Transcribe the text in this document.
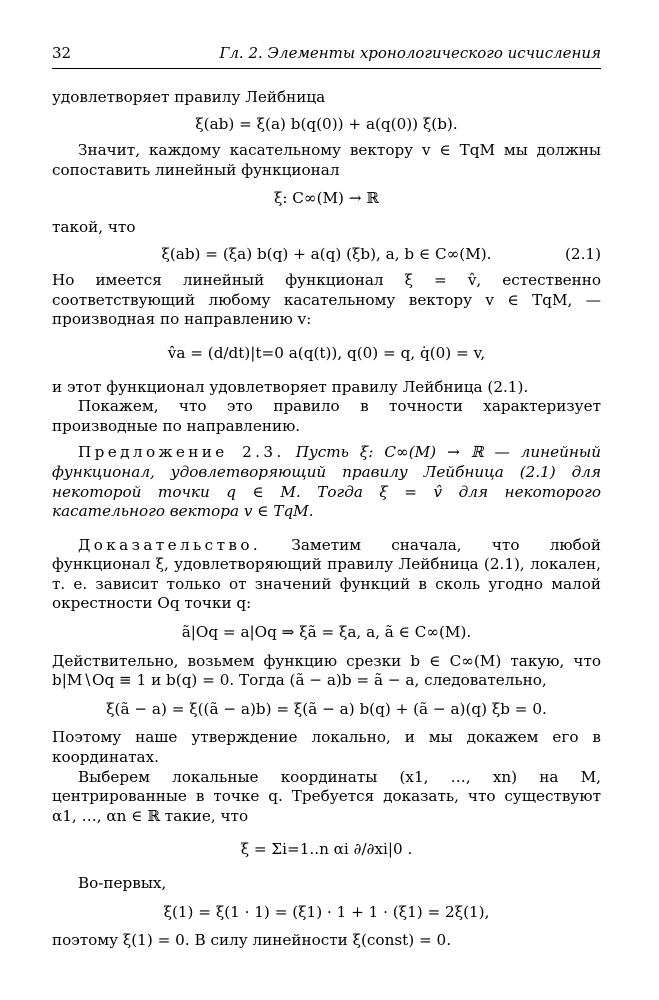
32	Гл. 2. Элементы хронологического исчисления

удовлетворяет правилу Лейбница

ξ(ab) = ξ(a) b(q(0)) + a(q(0)) ξ(b).

Значит, каждому касательному вектору v ∈ TqM мы должны сопоставить линейный функционал

ξ: C∞(M) → ℝ

такой, что

ξ(ab) = (ξa) b(q) + a(q) (ξb), a, b ∈ C∞(M).	(2.1)

Но имеется линейный функционал ξ = v̂, естественно соответствующий любому касательному вектору v ∈ TqM, — производная по направлению v:

v̂a = (d/dt)|t=0 a(q(t)), q(0) = q, q̇(0) = v,

и этот функционал удовлетворяет правилу Лейбница (2.1).

Покажем, что это правило в точности характеризует производные по направлению.

Предложение 2.3. Пусть ξ: C∞(M) → ℝ — линейный функционал, удовлетворяющий правилу Лейбница (2.1) для некоторой точки q ∈ M. Тогда ξ = v̂ для некоторого касательного вектора v ∈ TqM.

Доказательство. Заметим сначала, что любой функционал ξ, удовлетворяющий правилу Лейбница (2.1), локален, т. е. зависит только от значений функций в сколь угодно малой окрестности Oq точки q:

ã|Oq = a|Oq ⇒ ξã = ξa, a, ã ∈ C∞(M).

Действительно, возьмем функцию срезки b ∈ C∞(M) такую, что b|M∖Oq ≡ 1 и b(q) = 0. Тогда (ã − a)b = ã − a, следовательно,

ξ(ã − a) = ξ((ã − a)b) = ξ(ã − a) b(q) + (ã − a)(q) ξb = 0.

Поэтому наше утверждение локально, и мы докажем его в координатах.

Выберем локальные координаты (x1, …, xn) на M, центрированные в точке q. Требуется доказать, что существуют α1, …, αn ∈ ℝ такие, что

ξ = Σi=1..n αi ∂/∂xi|0 .

Во-первых,

ξ(1) = ξ(1 · 1) = (ξ1) · 1 + 1 · (ξ1) = 2ξ(1),

поэтому ξ(1) = 0. В силу линейности ξ(const) = 0.
